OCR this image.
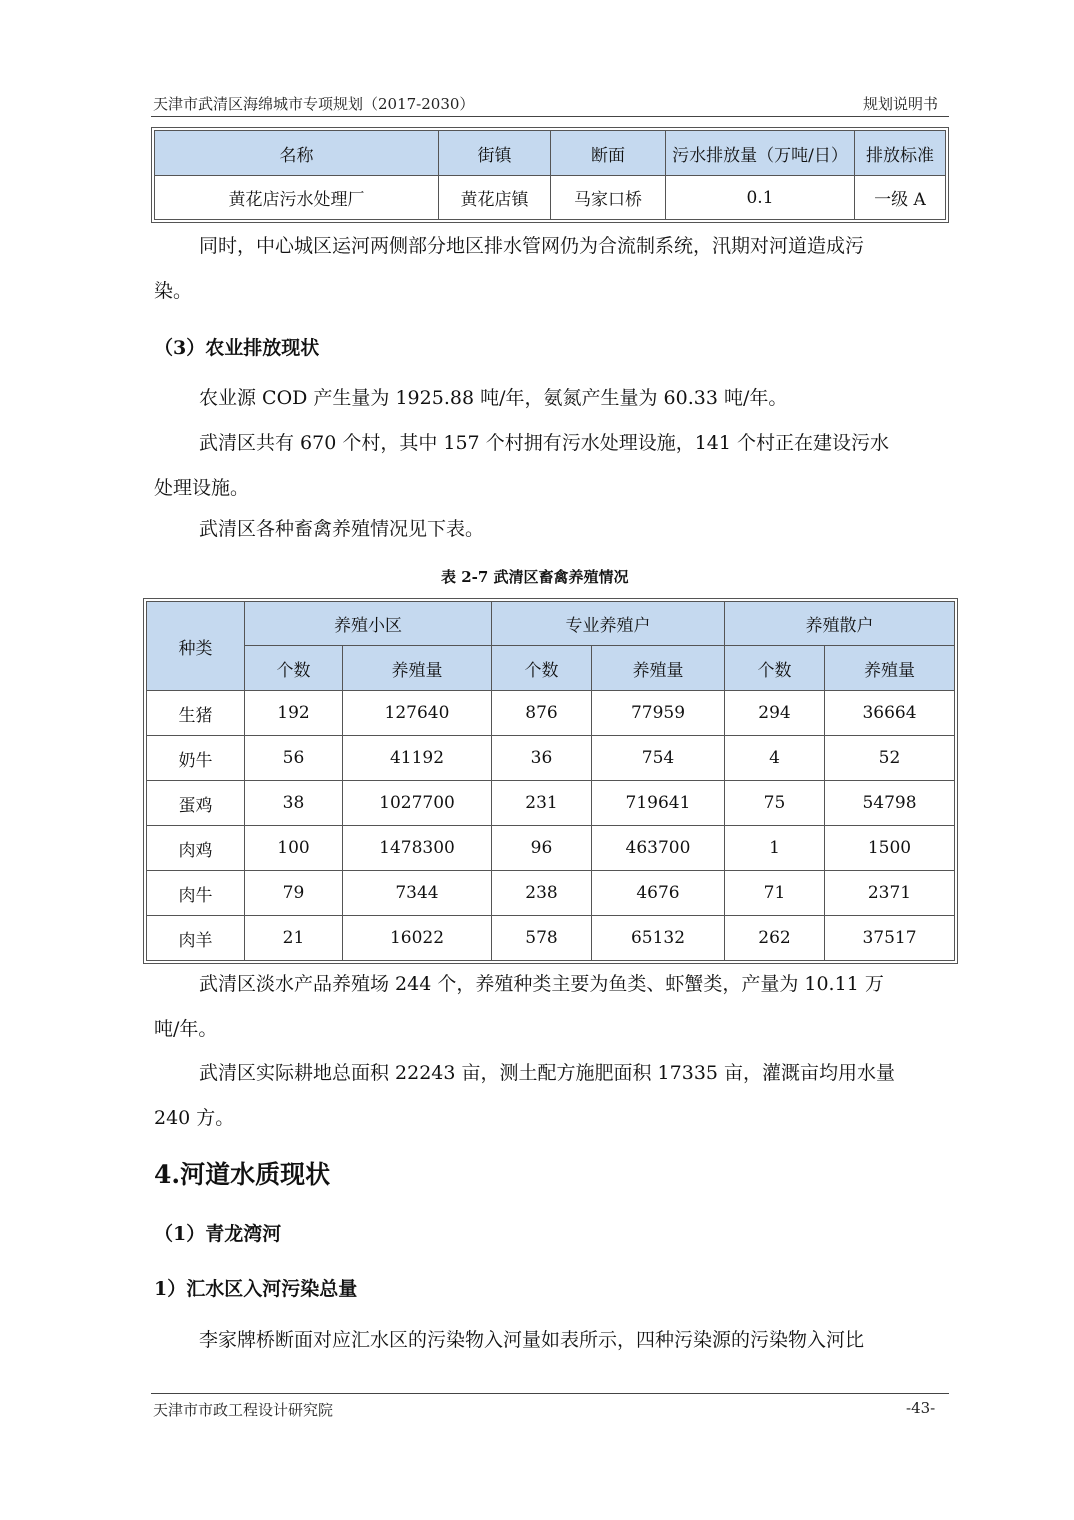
天津市武清区海绵城市专项规划（2017-2030）	规划说明书
名称	街镇	断面	污水排放量（万吨/日）	排放标准
黄花店污水处理厂	黄花店镇	马家口桥	0.1	一级 A
同时，中心城区运河两侧部分地区排水管网仍为合流制系统，汛期对河道造成污
染。
（3）农业排放现状
农业源 COD 产生量为 1925.88 吨/年，氨氮产生量为 60.33 吨/年。
武清区共有 670 个村，其中 157 个村拥有污水处理设施，141 个村正在建设污水
处理设施。
武清区各种畜禽养殖情况见下表。
表 2-7 武清区畜禽养殖情况
种类	养殖小区		专业养殖户		养殖散户	
	个数	养殖量	个数	养殖量	个数	养殖量
生猪	192	127640	876	77959	294	36664
奶牛	56	41192	36	754	4	52
蛋鸡	38	1027700	231	719641	75	54798
肉鸡	100	1478300	96	463700	1	1500
肉牛	79	7344	238	4676	71	2371
肉羊	21	16022	578	65132	262	37517
武清区淡水产品养殖场 244 个，养殖种类主要为鱼类、虾蟹类，产量为 10.11 万
吨/年。
武清区实际耕地总面积 22243 亩，测土配方施肥面积 17335 亩，灌溉亩均用水量
240 方。
4.河道水质现状
（1）青龙湾河
1）汇水区入河污染总量
李家牌桥断面对应汇水区的污染物入河量如表所示，四种污染源的污染物入河比
天津市市政工程设计研究院	-43-
